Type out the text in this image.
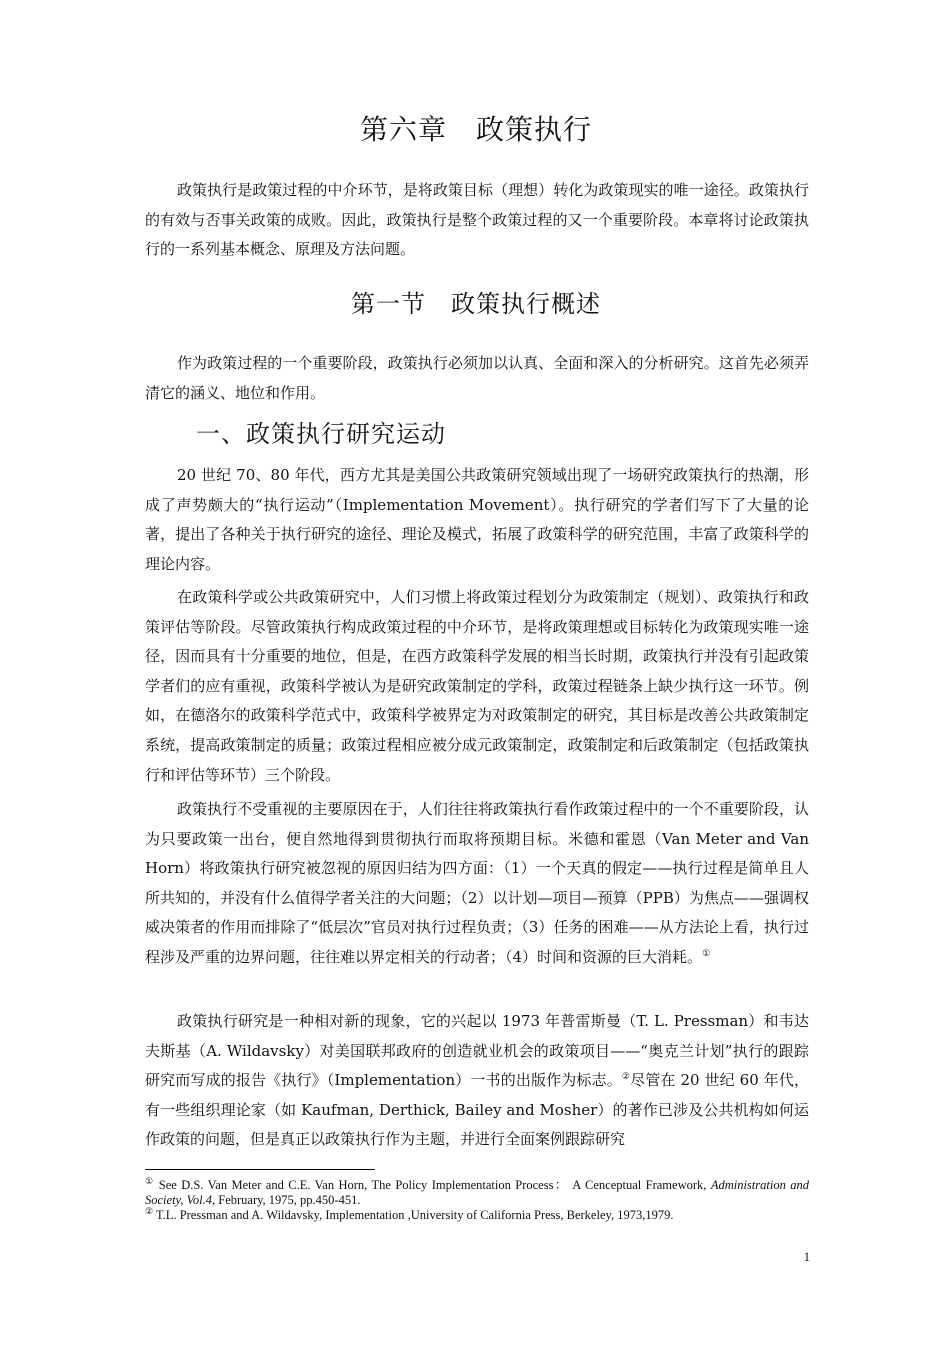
第六章　政策执行

政策执行是政策过程的中介环节，是将政策目标（理想）转化为政策现实的唯一途径。政策执行的有效与否事关政策的成败。因此，政策执行是整个政策过程的又一个重要阶段。本章将讨论政策执行的一系列基本概念、原理及方法问题。

第一节　政策执行概述

作为政策过程的一个重要阶段，政策执行必须加以认真、全面和深入的分析研究。这首先必须弄清它的涵义、地位和作用。

一、政策执行研究运动

20 世纪 70、80 年代，西方尤其是美国公共政策研究领域出现了一场研究政策执行的热潮，形成了声势颇大的“执行运动”（Implementation Movement）。执行研究的学者们写下了大量的论著，提出了各种关于执行研究的途径、理论及模式，拓展了政策科学的研究范围，丰富了政策科学的理论内容。

在政策科学或公共政策研究中，人们习惯上将政策过程划分为政策制定（规划）、政策执行和政策评估等阶段。尽管政策执行构成政策过程的中介环节，是将政策理想或目标转化为政策现实唯一途径，因而具有十分重要的地位，但是，在西方政策科学发展的相当长时期，政策执行并没有引起政策学者们的应有重视，政策科学被认为是研究政策制定的学科，政策过程链条上缺少执行这一环节。例如，在德洛尔的政策科学范式中，政策科学被界定为对政策制定的研究，其目标是改善公共政策制定系统，提高政策制定的质量；政策过程相应被分成元政策制定，政策制定和后政策制定（包括政策执行和评估等环节）三个阶段。

政策执行不受重视的主要原因在于，人们往往将政策执行看作政策过程中的一个不重要阶段，认为只要政策一出台，便自然地得到贯彻执行而取将预期目标。米德和霍恩（Van Meter and Van Horn）将政策执行研究被忽视的原因归结为四方面：（1）一个天真的假定——执行过程是简单且人所共知的，并没有什么值得学者关注的大问题；（2）以计划—项目—预算（PPB）为焦点——强调权威决策者的作用而排除了“低层次”官员对执行过程负责；（3）任务的困难——从方法论上看，执行过程涉及严重的边界问题，往往难以界定相关的行动者；（4）时间和资源的巨大消耗。①

政策执行研究是一种相对新的现象，它的兴起以 1973 年普雷斯曼（T. L. Pressman）和韦达夫斯基（A. Wildavsky）对美国联邦政府的创造就业机会的政策项目——“奥克兰计划”执行的跟踪研究而写成的报告《执行》（Implementation）一书的出版作为标志。②尽管在 20 世纪 60 年代，有一些组织理论家（如 Kaufman, Derthick, Bailey and Mosher）的著作已涉及公共机构如何运作政策的问题，但是真正以政策执行作为主题，并进行全面案例跟踪研究

① See D.S. Van Meter and C.E. Van Horn, The Policy Implementation Process： A Cenceptual Framework, Administration and Society, Vol.4, February, 1975, pp.450-451.
② T.L. Pressman and A. Wildavsky, Implementation ,University of California Press, Berkeley, 1973,1979.
1
